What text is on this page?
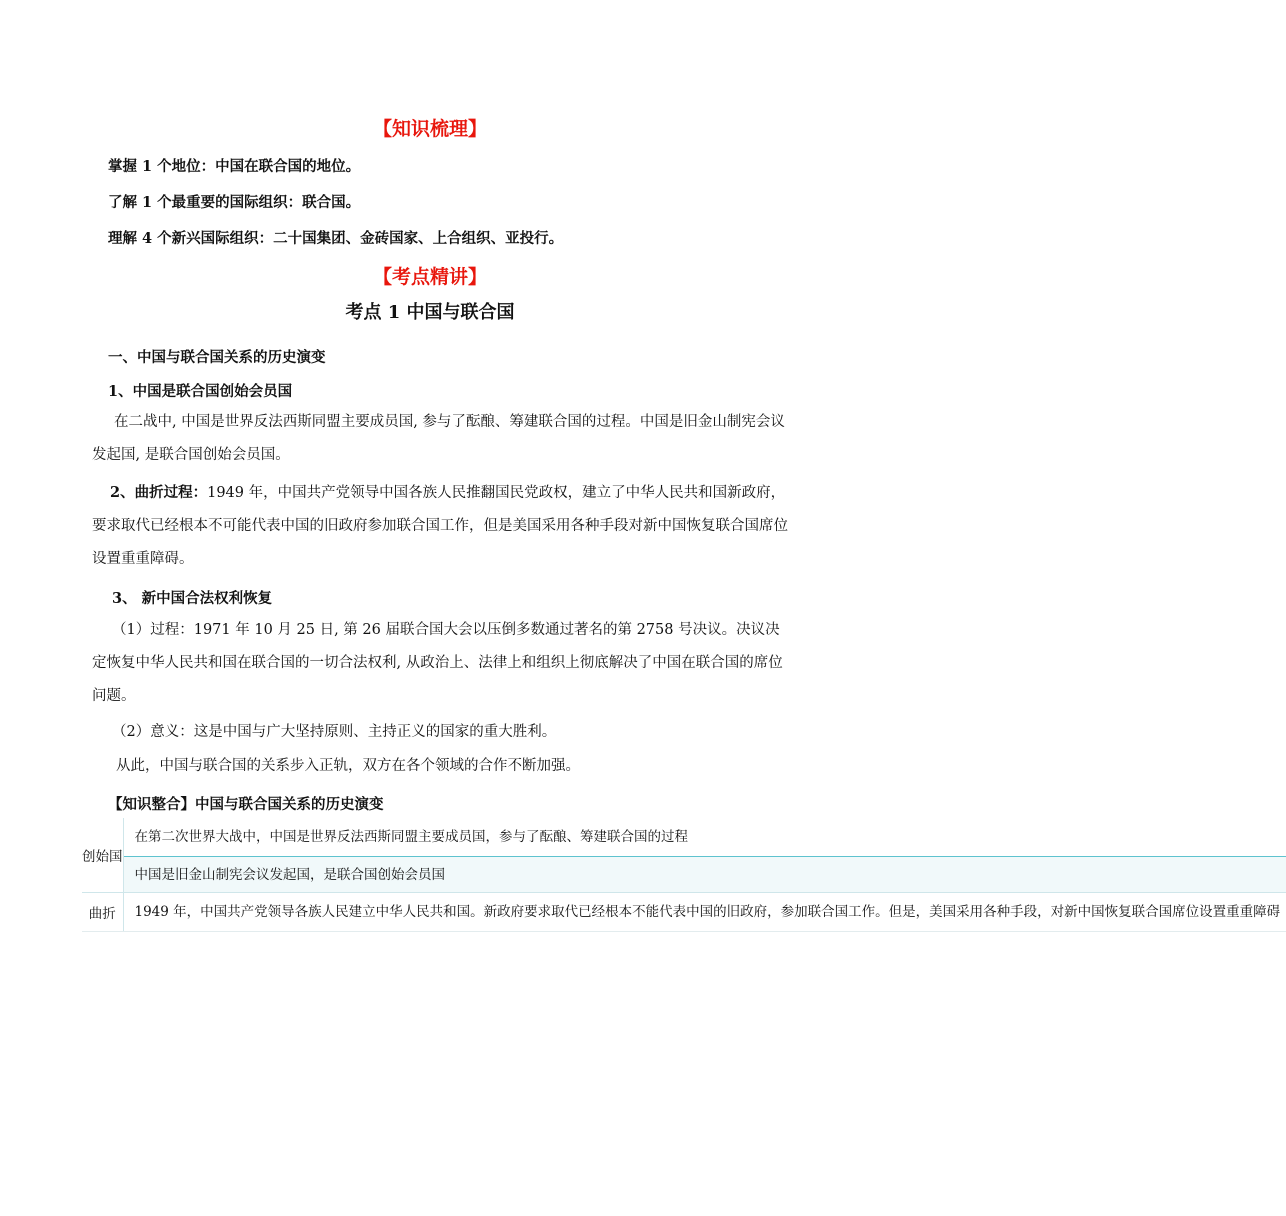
【知识梳理】
掌握 1 个地位：中国在联合国的地位。
了解 1 个最重要的国际组织：联合国。
理解 4 个新兴国际组织：二十国集团、金砖国家、上合组织、亚投行。
【考点精讲】
考点 1 中国与联合国
一、中国与联合国关系的历史演变
1、中国是联合国创始会员国
在二战中, 中国是世界反法西斯同盟主要成员国, 参与了酝酿、筹建联合国的过程。中国是旧金山制宪会议发起国, 是联合国创始会员国。
2、曲折过程：1949 年，中国共产党领导中国各族人民推翻国民党政权，建立了中华人民共和国新政府，要求取代已经根本不可能代表中国的旧政府参加联合国工作，但是美国采用各种手段对新中国恢复联合国席位设置重重障碍。
3、 新中国合法权利恢复
（1）过程：1971 年 10 月 25 日, 第 26 届联合国大会以压倒多数通过著名的第 2758 号决议。决议决定恢复中华人民共和国在联合国的一切合法权利, 从政治上、法律上和组织上彻底解决了中国在联合国的席位问题。
（2）意义：这是中国与广大坚持原则、主持正义的国家的重大胜利。
从此，中国与联合国的关系步入正轨，双方在各个领域的合作不断加强。
【知识整合】中国与联合国关系的历史演变
创始国	在第二次世界大战中，中国是世界反法西斯同盟主要成员国，参与了酝酿、筹建联合国的过程
	中国是旧金山制宪会议发起国，是联合国创始会员国
曲折	1949 年，中国共产党领导各族人民建立中华人民共和国。新政府要求取代已经根本不能代表中国的旧政府，参加联合国工作。但是，美国采用各种手段，对新中国恢复联合国席位设置重重障碍
